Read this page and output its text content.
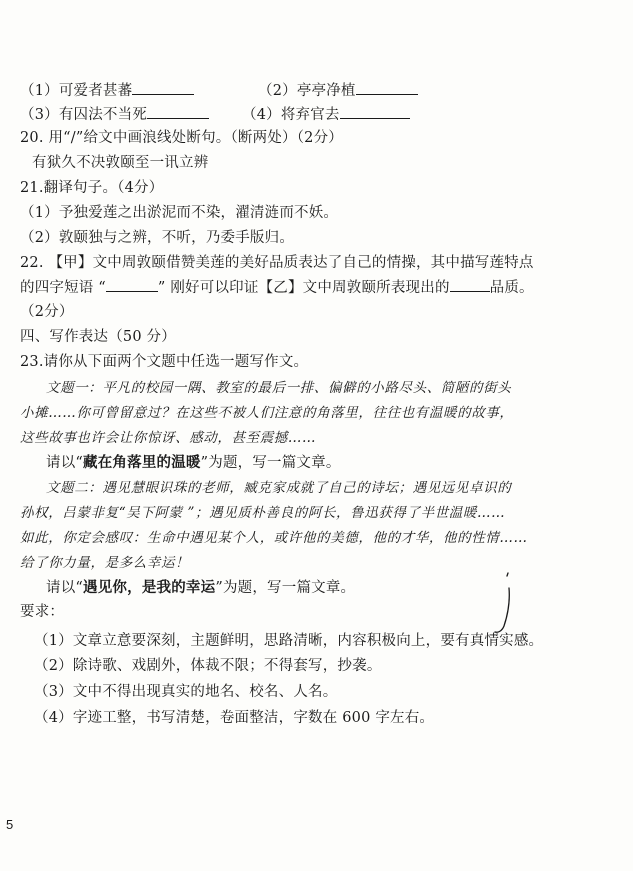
（1）可爱者甚蕃	（2）亭亭净植
（3）有囚法不当死	（4）将弃官去
20. 用“/”给文中画浪线处断句。（断两处）（2分）
有狱久不决敦颐至一讯立辨
21.翻译句子。（4分）
（1）予独爱莲之出淤泥而不染，濯清涟而不妖。
（2）敦颐独与之辨，不听，乃委手版归。
22. 【甲】文中周敦颐借赞美莲的美好品质表达了自己的情操，其中描写莲特点
的四字短语 “	” 刚好可以印证【乙】文中周敦颐所表现出的	品质。
（2分）
四、写作表达（50 分）
23.请你从下面两个文题中任选一题写作文。
文题一：平凡的校园一隅、教室的最后一排、偏僻的小路尽头、简陋的街头
小摊……你可曾留意过？在这些不被人们注意的角落里，往往也有温暖的故事，
这些故事也许会让你惊讶、感动，甚至震撼……
请以“藏在角落里的温暖”为题，写一篇文章。
文题二：遇见慧眼识珠的老师，臧克家成就了自己的诗坛；遇见远见卓识的
孙权，吕蒙非复“吴下阿蒙 ”；遇见质朴善良的阿长，鲁迅获得了半世温暖……
如此，你定会感叹：生命中遇见某个人，或许他的美德，他的才华，他的性情……
给了你力量，是多么幸运！
请以“遇见你，是我的幸运”为题，写一篇文章。
要求：
（1）文章立意要深刻，主题鲜明，思路清晰，内容积极向上，要有真情实感。
（2）除诗歌、戏剧外，体裁不限；不得套写，抄袭。
（3）文中不得出现真实的地名、校名、人名。
（4）字迹工整，书写清楚，卷面整洁，字数在 600 字左右。
5
